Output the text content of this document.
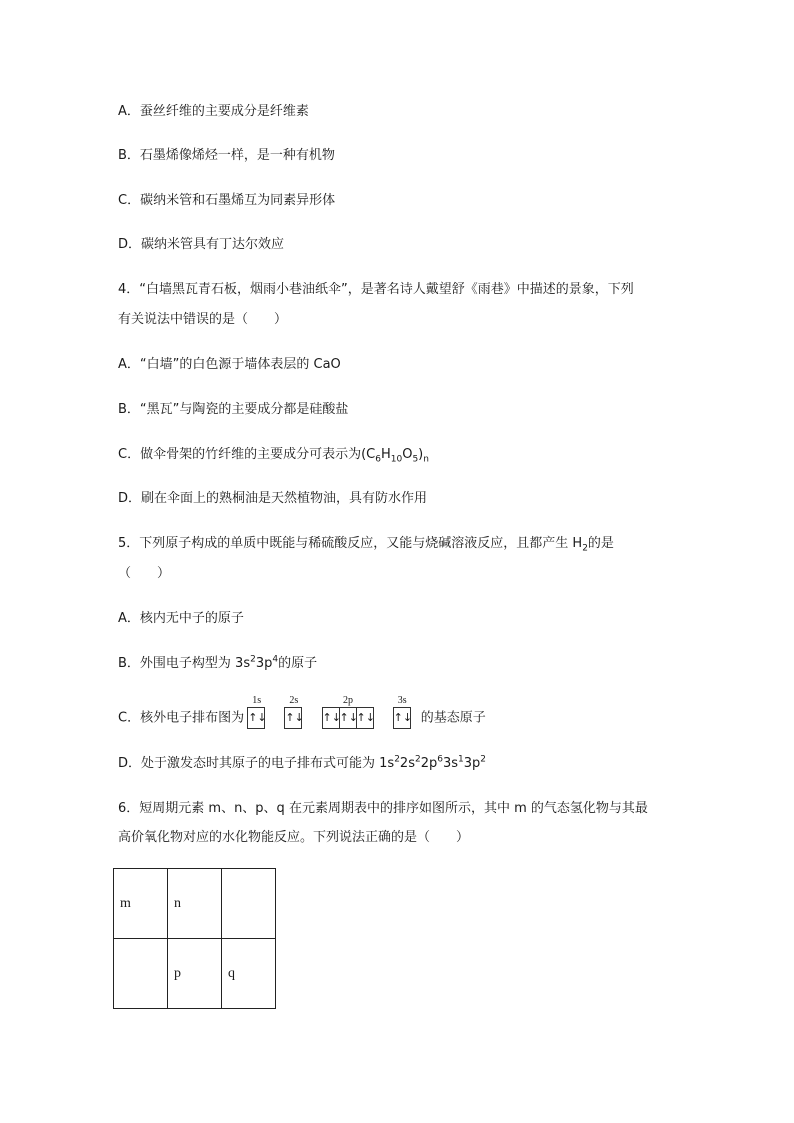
A．蚕丝纤维的主要成分是纤维素
B．石墨烯像烯烃一样，是一种有机物
C．碳纳米管和石墨烯互为同素异形体
D．碳纳米管具有丁达尔效应
4．“白墙黑瓦青石板，烟雨小巷油纸伞”，是著名诗人戴望舒《雨巷》中描述的景象，下列
有关说法中错误的是（　　）
A．“白墙”的白色源于墙体表层的 CaO
B．“黑瓦”与陶瓷的主要成分都是硅酸盐
C．做伞骨架的竹纤维的主要成分可表示为$(C_6H_{10}O_5)_n$
D．刷在伞面上的熟桐油是天然植物油，具有防水作用
5．下列原子构成的单质中既能与稀硫酸反应，又能与烧碱溶液反应，且都产生 $H_2$的是
（　　）
A．核内无中子的原子
B．外围电子构型为 $3s^23p^4$的原子
C．核外电子排布图为
1s
↑↓
2s
↑↓
2p
↑↓↑↓↑↓
3s
↑↓ 的基态原子
D．处于激发态时其原子的电子排布式可能为 $1s^22s^22p^63s^13p^2$
6．短周期元素 m、n、p、q 在元素周期表中的排序如图所示，其中 m 的气态氢化物与其最
高价氧化物对应的水化物能反应。下列说法正确的是（　　）
m	n	
	p	q
